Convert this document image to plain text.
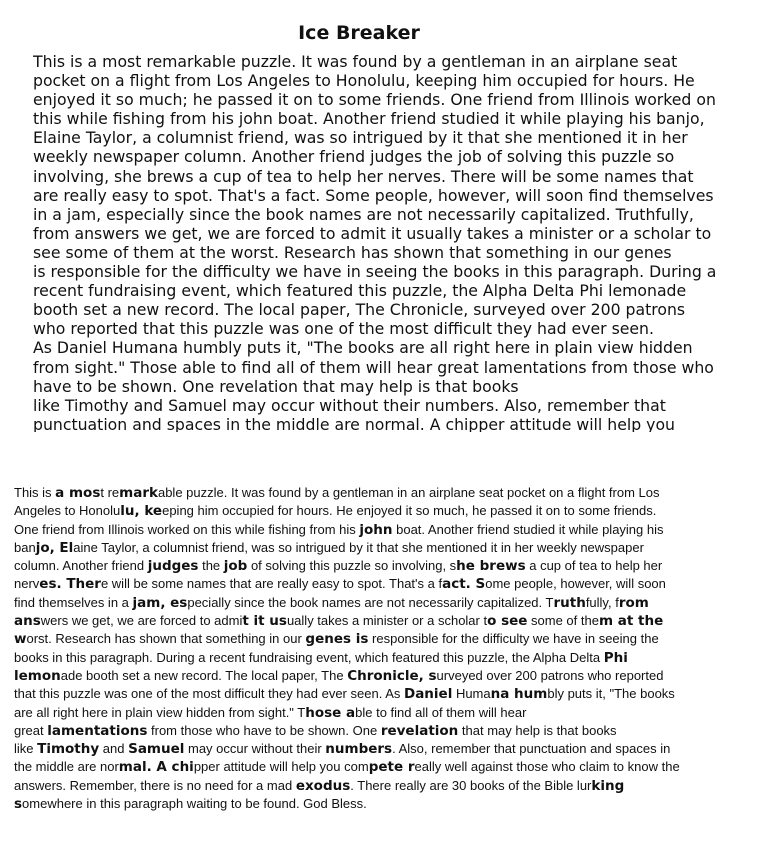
Ice Breaker
This is a most remarkable puzzle. It was found by a gentleman in an airplane seat
pocket on a flight from Los Angeles to Honolulu, keeping him occupied for hours. He
enjoyed it so much; he passed it on to some friends. One friend from Illinois worked on
this while fishing from his john boat. Another friend studied it while playing his banjo,
Elaine Taylor, a columnist friend, was so intrigued by it that she mentioned it in her
weekly newspaper column. Another friend judges the job of solving this puzzle so
involving, she brews a cup of tea to help her nerves. There will be some names that
are really easy to spot. That's a fact. Some people, however, will soon find themselves
in a jam, especially since the book names are not necessarily capitalized. Truthfully,
from answers we get, we are forced to admit it usually takes a minister or a scholar to
see some of them at the worst. Research has shown that something in our genes
is responsible for the difficulty we have in seeing the books in this paragraph. During a
recent fundraising event, which featured this puzzle, the Alpha Delta Phi lemonade
booth set a new record. The local paper, The Chronicle, surveyed over 200 patrons
who reported that this puzzle was one of the most difficult they had ever seen.
As Daniel Humana humbly puts it, "The books are all right here in plain view hidden
from sight." Those able to find all of them will hear great lamentations from those who
have to be shown. One revelation that may help is that books
like Timothy and Samuel may occur without their numbers. Also, remember that
punctuation and spaces in the middle are normal. A chipper attitude will help you
This is a most remarkable puzzle. It was found by a gentleman in an airplane seat pocket on a flight from Los
Angeles to Honolulu, keeping him occupied for hours. He enjoyed it so much, he passed it on to some friends.
One friend from Illinois worked on this while fishing from his john boat. Another friend studied it while playing his
banjo, Elaine Taylor, a columnist friend, was so intrigued by it that she mentioned it in her weekly newspaper
column. Another friend judges the job of solving this puzzle so involving, she brews a cup of tea to help her
nerves. There will be some names that are really easy to spot. That's a fact. Some people, however, will soon
find themselves in a jam, especially since the book names are not necessarily capitalized. Truthfully, from
answers we get, we are forced to admit it usually takes a minister or a scholar to see some of them at the
worst. Research has shown that something in our genes is responsible for the difficulty we have in seeing the
books in this paragraph. During a recent fundraising event, which featured this puzzle, the Alpha Delta Phi
lemonade booth set a new record. The local paper, The Chronicle, surveyed over 200 patrons who reported
that this puzzle was one of the most difficult they had ever seen. As Daniel Humana humbly puts it, "The books
are all right here in plain view hidden from sight." Those able to find all of them will hear
great lamentations from those who have to be shown. One revelation that may help is that books
like Timothy and Samuel may occur without their numbers. Also, remember that punctuation and spaces in
the middle are normal. A chipper attitude will help you compete really well against those who claim to know the
answers. Remember, there is no need for a mad exodus. There really are 30 books of the Bible lurking
somewhere in this paragraph waiting to be found. God Bless.
